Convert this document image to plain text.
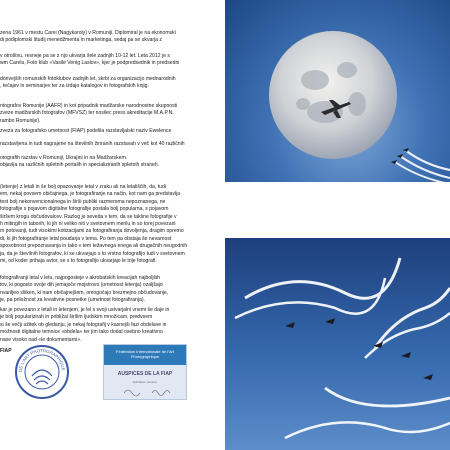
zena 1961 v mestu Carei (Nagykaroly) v Romuniji. Diplomiral je na ekonomski
di podiplomski študij menedžmenta in marketinga, sedaj pa se ukvarja z

v otroštvu, resneje pa se z njo ukvarja šele zadnjih 10-12 let. Leta 2012 je s
wm Carelu, Foto klub «Vasile Venig Laslov», kjer je podpredsednik in predsedni

donvejših romunskih fotoklubov zadnjih let, skrbi za organizacijo mednarodnih
, tečajev in seminarjev ter za izdajo katalogov in fotografskih knjig.

ntografov Romunije (AAFR) in kot pripadnik madžarske narodnostne skupnosti
zveze madžarskih fotografov (MFVSZ) ter nosilec press akreditacije M.A.P.N.
rambo Romunije).

zveza za fotografsko umetnost (FIAP) podelila razstavljalski naziv Ewelence

razstavljena in tudi nagrajene na številnih žiriranih razstavah v več kot 40 različnih

otografih razstav v Romuniji, Ukrajini in na Madžarskem.
objavlja na različnih spletnih portalih in specializiranih spletnih straneh.

(letenje) z letali in še bolj opazovanje letal v zraku ali na letališčih, da, tudi
em, nekaj povsem običajnega, je fotografiranje na način, kot nam ga predstavlja
test bolj nekonvencionalnega in širši publiki razmeroma nepoznanega, ne
fotografije s pojavom digitalne fotografije postala bolj popularna, s pojavom
širšem krogu občudovalcev. Razlog je seveda v tem, da se takšne fotografije v
h mitingih in taborih, ki jih ni veliko niti v svetovnem merilu in so torej povezani
m potovanji, tudi visokimi kotizacijami za fotografiranja dovoljenja, dragim opremo
di, ki jih fotografiranje letal poudarja v tema. Po tem pa obstaja še nevarnost
sposobnost prepoznavanja in tako v tem težavnega enega ali drugačnih neugodnih
ja, da je številnih fotografov, ki se ukvarjajo s to vrstno fotografijo tudi v svetovnem
mi, od koder prihaja avtor, se s to fotografijo ukvarjajo le trije fotografi.

fotografiranji letal v letu, najpogosteje v akrobatskih kreacijah najboljših
tov, ki pogosto svoje dih jemajoče mojstrovo (umetnost letenja) ozaljšajo
nvariljeo sliiken, ki nam običajnejšem, omogočajo brezmejno občudovanje,
je, pa priložnost za kreativne posnetke (umetnost fotografiranja).

kar je povezano z letali in letenjem, je lel s svoji ustvarjalni vnemi še daje in
je bolj popularizirah in približal širšim ljudskim množicam, predvsem
si še večji užitek ob gledanju, je nekaj fotografij v kasnejši fazi obdelave in
možnosti digitalne temnice «obdela» ter jim tako dodal osebno kreativno
nase visoko nad «le dokumentarni».

FIAP

DE L'ART PHOTOGRAPHIQUE
Fédération Internationale de l'Art Photographique
AUSPICES DE LA FIAP
Exhibition number
